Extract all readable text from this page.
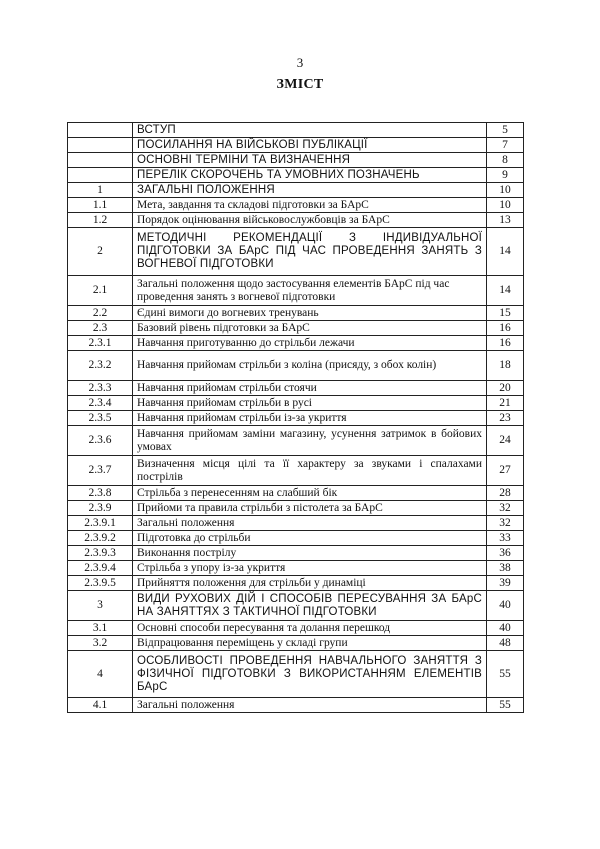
3
ЗМІСТ
	ВСТУП	5
	ПОСИЛАННЯ НА ВІЙСЬКОВІ ПУБЛІКАЦІЇ	7
	ОСНОВНІ ТЕРМІНИ ТА ВИЗНАЧЕННЯ	8
	ПЕРЕЛІК СКОРОЧЕНЬ ТА УМОВНИХ ПОЗНАЧЕНЬ	9
1	ЗАГАЛЬНІ ПОЛОЖЕННЯ	10
1.1	Мета, завдання та складові підготовки за БАрС	10
1.2	Порядок оцінювання військовослужбовців за БАрС	13
2	МЕТОДИЧНІ РЕКОМЕНДАЦІЇ З ІНДИВІДУАЛЬНОЇ ПІДГОТОВКИ ЗА БАрС ПІД ЧАС ПРОВЕДЕННЯ ЗАНЯТЬ З ВОГНЕВОЇ ПІДГОТОВКИ	14
2.1	Загальні положення щодо застосування елементів БАрС під час проведення занять з вогневої підготовки	14
2.2	Єдині вимоги до вогневих тренувань	15
2.3	Базовий рівень підготовки за БАрС	16
2.3.1	Навчання приготуванню до стрільби лежачи	16
2.3.2	Навчання прийомам стрільби з коліна (присяду, з обох колін)	18
2.3.3	Навчання прийомам стрільби стоячи	20
2.3.4	Навчання прийомам стрільби в русі	21
2.3.5	Навчання прийомам стрільби із-за укриття	23
2.3.6	Навчання прийомам заміни магазину, усунення затримок в бойових умовах	24
2.3.7	Визначення місця цілі та її характеру за звуками і спалахами пострілів	27
2.3.8	Стрільба з перенесенням на слабший бік	28
2.3.9	Прийоми та правила стрільби з пістолета за БАрС	32
2.3.9.1	Загальні положення	32
2.3.9.2	Підготовка до стрільби	33
2.3.9.3	Виконання пострілу	36
2.3.9.4	Стрільба з упору із-за укриття	38
2.3.9.5	Прийняття положення для стрільби у динаміці	39
3	ВИДИ РУХОВИХ ДІЙ І СПОСОБІВ ПЕРЕСУВАННЯ ЗА БАрС НА ЗАНЯТТЯХ З ТАКТИЧНОЇ ПІДГОТОВКИ	40
3.1	Основні способи пересування та долання перешкод	40
3.2	Відпрацювання переміщень у складі групи	48
4	ОСОБЛИВОСТІ ПРОВЕДЕННЯ НАВЧАЛЬНОГО ЗАНЯТТЯ З ФІЗИЧНОЇ ПІДГОТОВКИ З ВИКОРИСТАННЯМ ЕЛЕМЕНТІВ БАрС	55
4.1	Загальні положення	55
